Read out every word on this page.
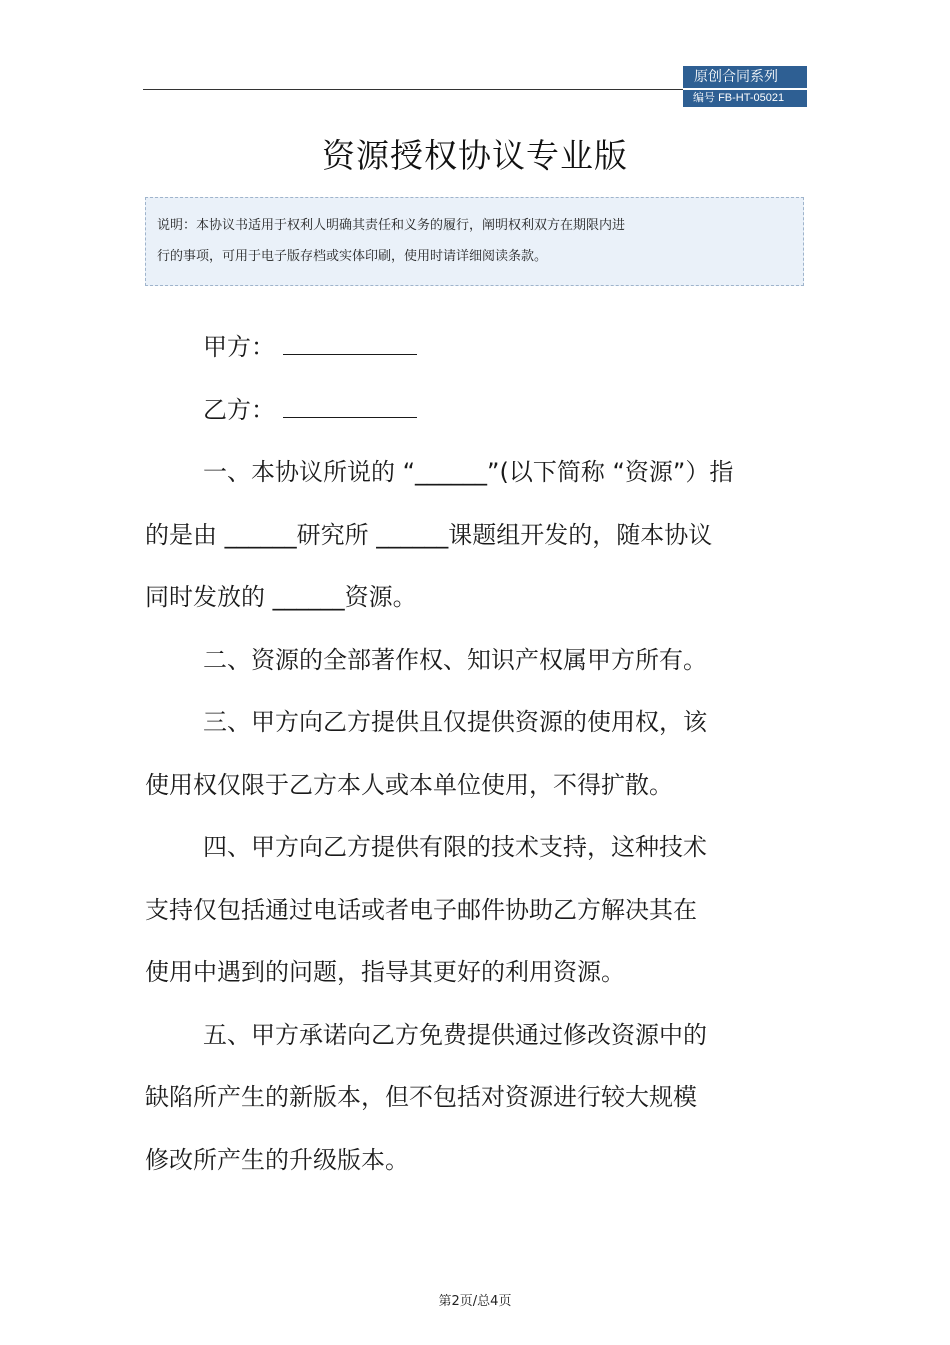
原创合同系列
编号 FB-HT-05021
资源授权协议专业版
说明：本协议书适用于权利人明确其责任和义务的履行，阐明权利双方在期限内进
行的事项，可用于电子版存档或实体印刷，使用时请详细阅读条款。
甲方：
乙方：
一、本协议所说的 “______”(以下简称 “资源”）指
的是由 ______研究所 ______课题组开发的，随本协议
同时发放的 ______资源。
二、资源的全部著作权、知识产权属甲方所有。
三、甲方向乙方提供且仅提供资源的使用权，该
使用权仅限于乙方本人或本单位使用，不得扩散。
四、甲方向乙方提供有限的技术支持，这种技术
支持仅包括通过电话或者电子邮件协助乙方解决其在
使用中遇到的问题，指导其更好的利用资源。
五、甲方承诺向乙方免费提供通过修改资源中的
缺陷所产生的新版本，但不包括对资源进行较大规模
修改所产生的升级版本。
第2页/总4页
